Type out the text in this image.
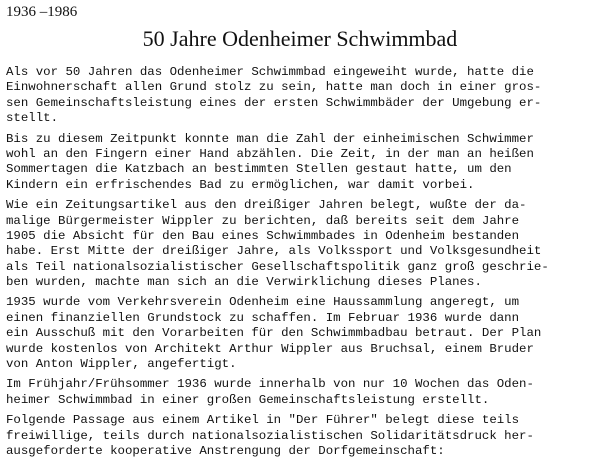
1936 –1986
50 Jahre Odenheimer Schwimmbad
Als vor 50 Jahren das Odenheimer Schwimmbad eingeweiht wurde, hatte die
Einwohnerschaft allen Grund stolz zu sein, hatte man doch in einer gros-
sen Gemeinschaftsleistung eines der ersten Schwimmbäder der Umgebung er-
stellt.
Bis zu diesem Zeitpunkt konnte man die Zahl der einheimischen Schwimmer
wohl an den Fingern einer Hand abzählen. Die Zeit, in der man an heißen
Sommertagen die Katzbach an bestimmten Stellen gestaut hatte, um den
Kindern ein erfrischendes Bad zu ermöglichen, war damit vorbei.
Wie ein Zeitungsartikel aus den dreißiger Jahren belegt, wußte der da-
malige Bürgermeister Wippler zu berichten, daß bereits seit dem Jahre
1905 die Absicht für den Bau eines Schwimmbades in Odenheim bestanden
habe. Erst Mitte der dreißiger Jahre, als Volkssport und Volksgesundheit
als Teil nationalsozialistischer Gesellschaftspolitik ganz groß geschrie-
ben wurden, machte man sich an die Verwirklichung dieses Planes.
1935 wurde vom Verkehrsverein Odenheim eine Haussammlung angeregt, um
einen finanziellen Grundstock zu schaffen. Im Februar 1936 wurde dann
ein Ausschuß mit den Vorarbeiten für den Schwimmbadbau betraut. Der Plan
wurde kostenlos von Architekt Arthur Wippler aus Bruchsal, einem Bruder
von Anton Wippler, angefertigt.
Im Frühjahr/Frühsommer 1936 wurde innerhalb von nur 10 Wochen das Oden-
heimer Schwimmbad in einer großen Gemeinschaftsleistung erstellt.
Folgende Passage aus einem Artikel in "Der Führer" belegt diese teils
freiwillige, teils durch nationalsozialistischen Solidaritätsdruck her-
ausgeforderte kooperative Anstrengung der Dorfgemeinschaft:
